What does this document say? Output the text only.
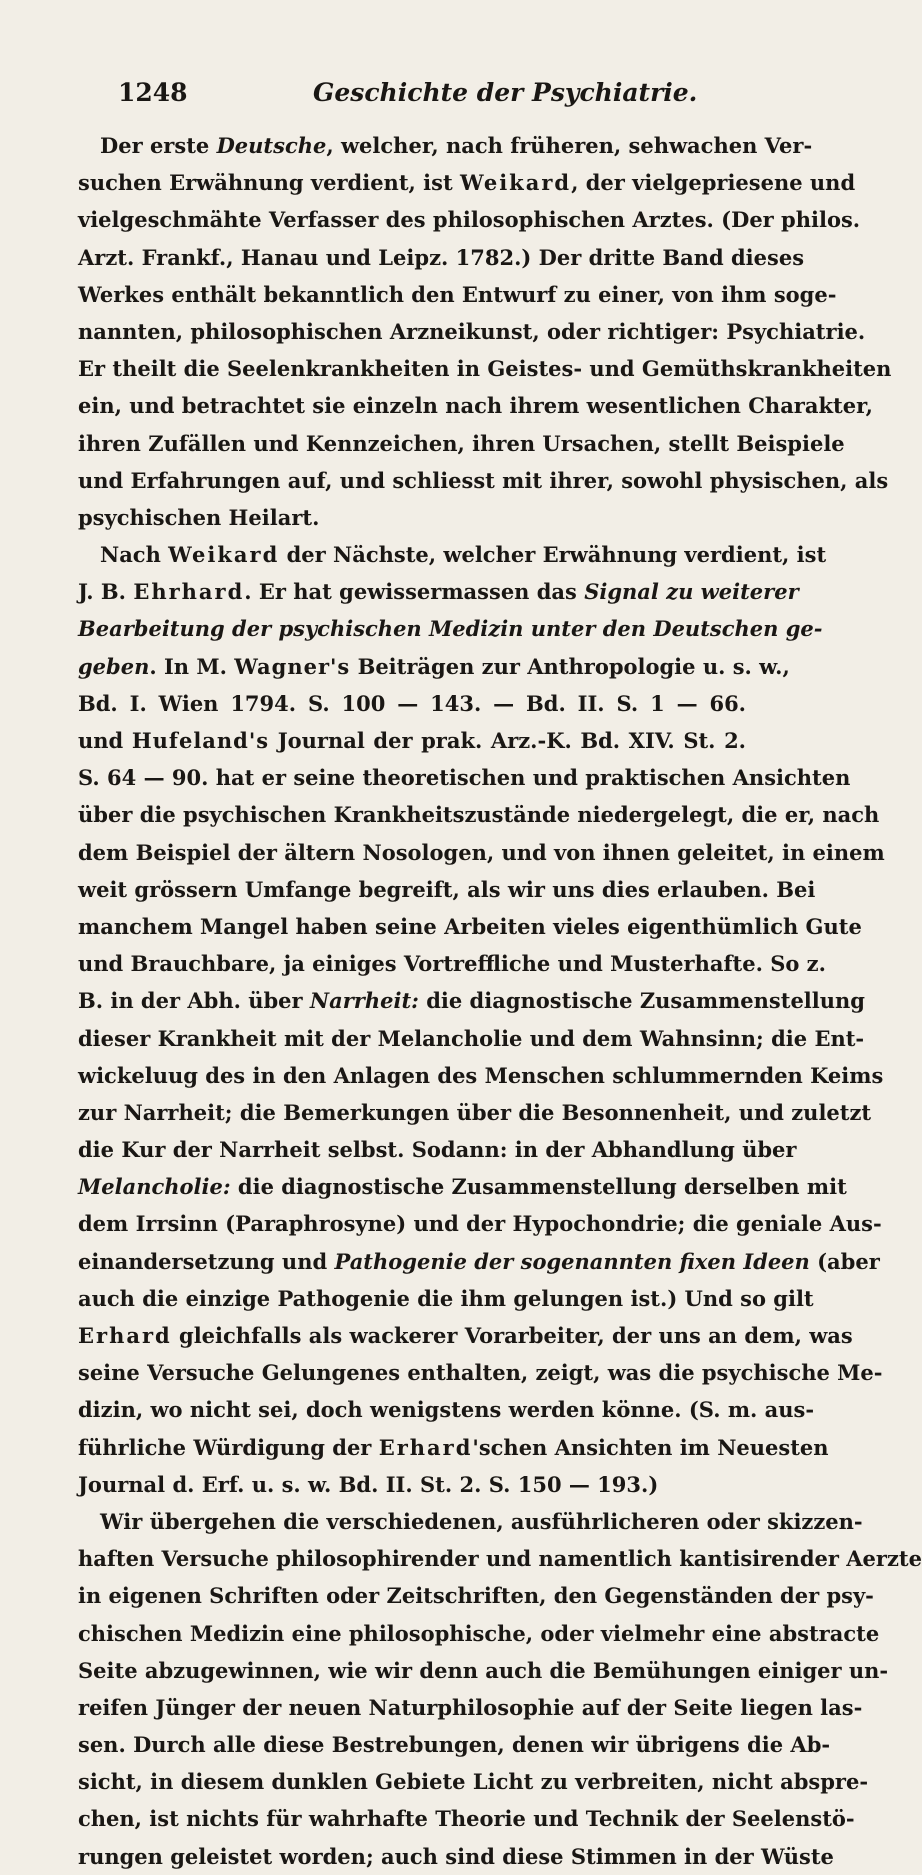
1248	Geschichte der Psychiatrie.
Der erste Deutsche, welcher, nach früheren, sehwachen Ver-
suchen Erwähnung verdient, ist Weikard, der vielgepriesene und
vielgeschmähte Verfasser des philosophischen Arztes. (Der philos.
Arzt. Frankf., Hanau und Leipz. 1782.) Der dritte Band dieses
Werkes enthält bekanntlich den Entwurf zu einer, von ihm soge-
nannten, philosophischen Arzneikunst, oder richtiger: Psychiatrie.
Er theilt die Seelenkrankheiten in Geistes- und Gemüthskrankheiten
ein, und betrachtet sie einzeln nach ihrem wesentlichen Charakter,
ihren Zufällen und Kennzeichen, ihren Ursachen, stellt Beispiele
und Erfahrungen auf, und schliesst mit ihrer, sowohl physischen, als
psychischen Heilart.
Nach Weikard der Nächste, welcher Erwähnung verdient, ist
J. B. Ehrhard. Er hat gewissermassen das Signal zu weiterer
Bearbeitung der psychischen Medizin unter den Deutschen ge-
geben. In M. Wagner's Beiträgen zur Anthropologie u. s. w.,
Bd. I. Wien 1794. S. 100 — 143. — Bd. II. S. 1 — 66.
und Hufeland's Journal der prak. Arz.-K. Bd. XIV. St. 2.
S. 64 — 90. hat er seine theoretischen und praktischen Ansichten
über die psychischen Krankheitszustände niedergelegt, die er, nach
dem Beispiel der ältern Nosologen, und von ihnen geleitet, in einem
weit grössern Umfange begreift, als wir uns dies erlauben. Bei
manchem Mangel haben seine Arbeiten vieles eigenthümlich Gute
und Brauchbare, ja einiges Vortreffliche und Musterhafte. So z.
B. in der Abh. über Narrheit: die diagnostische Zusammenstellung
dieser Krankheit mit der Melancholie und dem Wahnsinn; die Ent-
wickeluug des in den Anlagen des Menschen schlummernden Keims
zur Narrheit; die Bemerkungen über die Besonnenheit, und zuletzt
die Kur der Narrheit selbst. Sodann: in der Abhandlung über
Melancholie: die diagnostische Zusammenstellung derselben mit
dem Irrsinn (Paraphrosyne) und der Hypochondrie; die geniale Aus-
einandersetzung und Pathogenie der sogenannten fixen Ideen (aber
auch die einzige Pathogenie die ihm gelungen ist.) Und so gilt
Erhard gleichfalls als wackerer Vorarbeiter, der uns an dem, was
seine Versuche Gelungenes enthalten, zeigt, was die psychische Me-
dizin, wo nicht sei, doch wenigstens werden könne. (S. m. aus-
führliche Würdigung der Erhard'schen Ansichten im Neuesten
Journal d. Erf. u. s. w. Bd. II. St. 2. S. 150 — 193.)
Wir übergehen die verschiedenen, ausführlicheren oder skizzen-
haften Versuche philosophirender und namentlich kantisirender Aerzte
in eigenen Schriften oder Zeitschriften, den Gegenständen der psy-
chischen Medizin eine philosophische, oder vielmehr eine abstracte
Seite abzugewinnen, wie wir denn auch die Bemühungen einiger un-
reifen Jünger der neuen Naturphilosophie auf der Seite liegen las-
sen. Durch alle diese Bestrebungen, denen wir übrigens die Ab-
sicht, in diesem dunklen Gebiete Licht zu verbreiten, nicht abspre-
chen, ist nichts für wahrhafte Theorie und Technik der Seelenstö-
rungen geleistet worden; auch sind diese Stimmen in der Wüste
